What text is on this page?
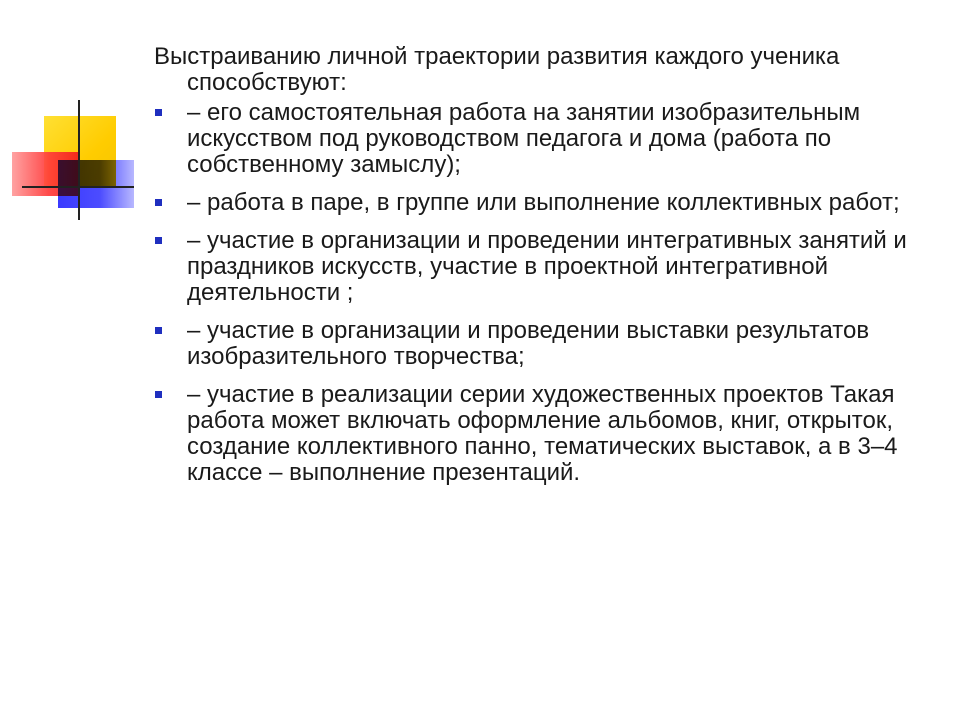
Выстраиванию личной траектории развития каждого ученика способствуют:

– его самостоятельная работа на занятии изобразительным искусством под руководством педагога и дома (работа по собственному замыслу);
– работа в паре, в группе или выполнение коллективных работ;
– участие в организации и проведении интегративных занятий и праздников искусств, участие в проектной интегративной деятельности ;
– участие в организации и проведении выставки результатов изобразительного творчества;
– участие в реализации серии художественных проектов Такая работа может включать оформление альбомов, книг, открыток, создание коллективного панно, тематических выставок, а в 3–4 классе – выполнение презентаций.
